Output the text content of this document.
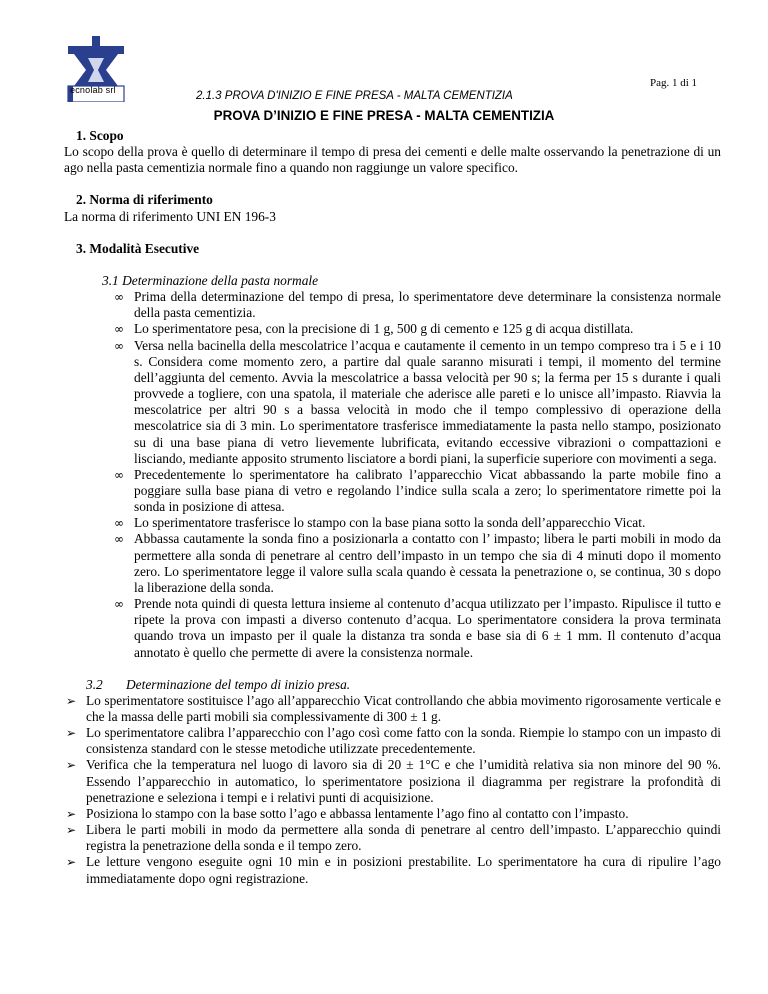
ecnolab srl
Pag. 1 di 1
2.1.3 PROVA D'INIZIO E FINE PRESA - MALTA CEMENTIZIA
PROVA D’INIZIO E FINE PRESA - MALTA CEMENTIZIA
1. Scopo
Lo scopo della prova è quello di determinare il tempo di presa dei cementi e delle malte osservando la penetrazione di un ago nella pasta cementizia normale fino a quando non raggiunge un valore specifico.
2. Norma di riferimento
La norma di riferimento UNI EN 196-3
3. Modalità Esecutive
3.1 Determinazione della pasta normale
∞ Prima della determinazione del tempo di presa, lo sperimentatore deve determinare la consistenza normale della pasta cementizia.
∞ Lo sperimentatore pesa, con la precisione di 1 g, 500 g di cemento e 125 g di acqua distillata.
∞ Versa nella bacinella della mescolatrice l’acqua e cautamente il cemento in un tempo compreso tra i 5 e i 10 s. Considera come momento zero, a partire dal quale saranno misurati i tempi, il momento del termine dell’aggiunta del cemento. Avvia la mescolatrice a bassa velocità per 90 s; la ferma per 15 s durante i quali provvede a togliere, con una spatola, il materiale che aderisce alle pareti e lo unisce all’impasto. Riavvia la mescolatrice per altri 90 s a bassa velocità in modo che il tempo complessivo di operazione della mescolatrice sia di 3 min. Lo sperimentatore trasferisce immediatamente la pasta nello stampo, posizionato su di una base piana di vetro lievemente lubrificata, evitando eccessive vibrazioni o compattazioni e lisciando, mediante apposito strumento lisciatore a bordi piani, la superficie superiore con movimenti a sega.
∞ Precedentemente lo sperimentatore ha calibrato l’apparecchio Vicat abbassando la parte mobile fino a poggiare sulla base piana di vetro e regolando l’indice sulla scala a zero; lo sperimentatore rimette poi la sonda in posizione di attesa.
∞ Lo sperimentatore trasferisce lo stampo con la base piana sotto la sonda dell’apparecchio Vicat.
∞ Abbassa cautamente la sonda fino a posizionarla a contatto con l’ impasto; libera le parti mobili in modo da permettere alla sonda di penetrare al centro dell’impasto in un tempo che sia di 4 minuti dopo il momento zero. Lo sperimentatore legge il valore sulla scala quando è cessata la penetrazione o, se continua, 30 s dopo la liberazione della sonda.
∞ Prende nota quindi di questa lettura insieme al contenuto d’acqua utilizzato per l’impasto. Ripulisce il tutto e ripete la prova con impasti a diverso contenuto d’acqua. Lo sperimentatore considera la prova terminata quando trova un impasto per il quale la distanza tra sonda e base sia di 6 ± 1 mm. Il contenuto d’acqua annotato è quello che permette di avere la consistenza normale.
3.2 Determinazione del tempo di inizio presa.
➢ Lo sperimentatore sostituisce l’ago all’apparecchio Vicat controllando che abbia movimento rigorosamente verticale e che la massa delle parti mobili sia complessivamente di 300 ± 1 g.
➢ Lo sperimentatore calibra l’apparecchio con l’ago così come fatto con la sonda. Riempie lo stampo con un impasto di consistenza standard con le stesse metodiche utilizzate precedentemente.
➢ Verifica che la temperatura nel luogo di lavoro sia di 20 ± 1°C e che l’umidità relativa sia non minore del 90 %. Essendo l’apparecchio in automatico, lo sperimentatore posiziona il diagramma per registrare la profondità di penetrazione e seleziona i tempi e i relativi punti di acquisizione.
➢ Posiziona lo stampo con la base sotto l’ago e abbassa lentamente l’ago fino al contatto con l’impasto.
➢ Libera le parti mobili in modo da permettere alla sonda di penetrare al centro dell’impasto. L’apparecchio quindi registra la penetrazione della sonda e il tempo zero.
➢ Le letture vengono eseguite ogni 10 min e in posizioni prestabilite. Lo sperimentatore ha cura di ripulire l’ago immediatamente dopo ogni registrazione.
